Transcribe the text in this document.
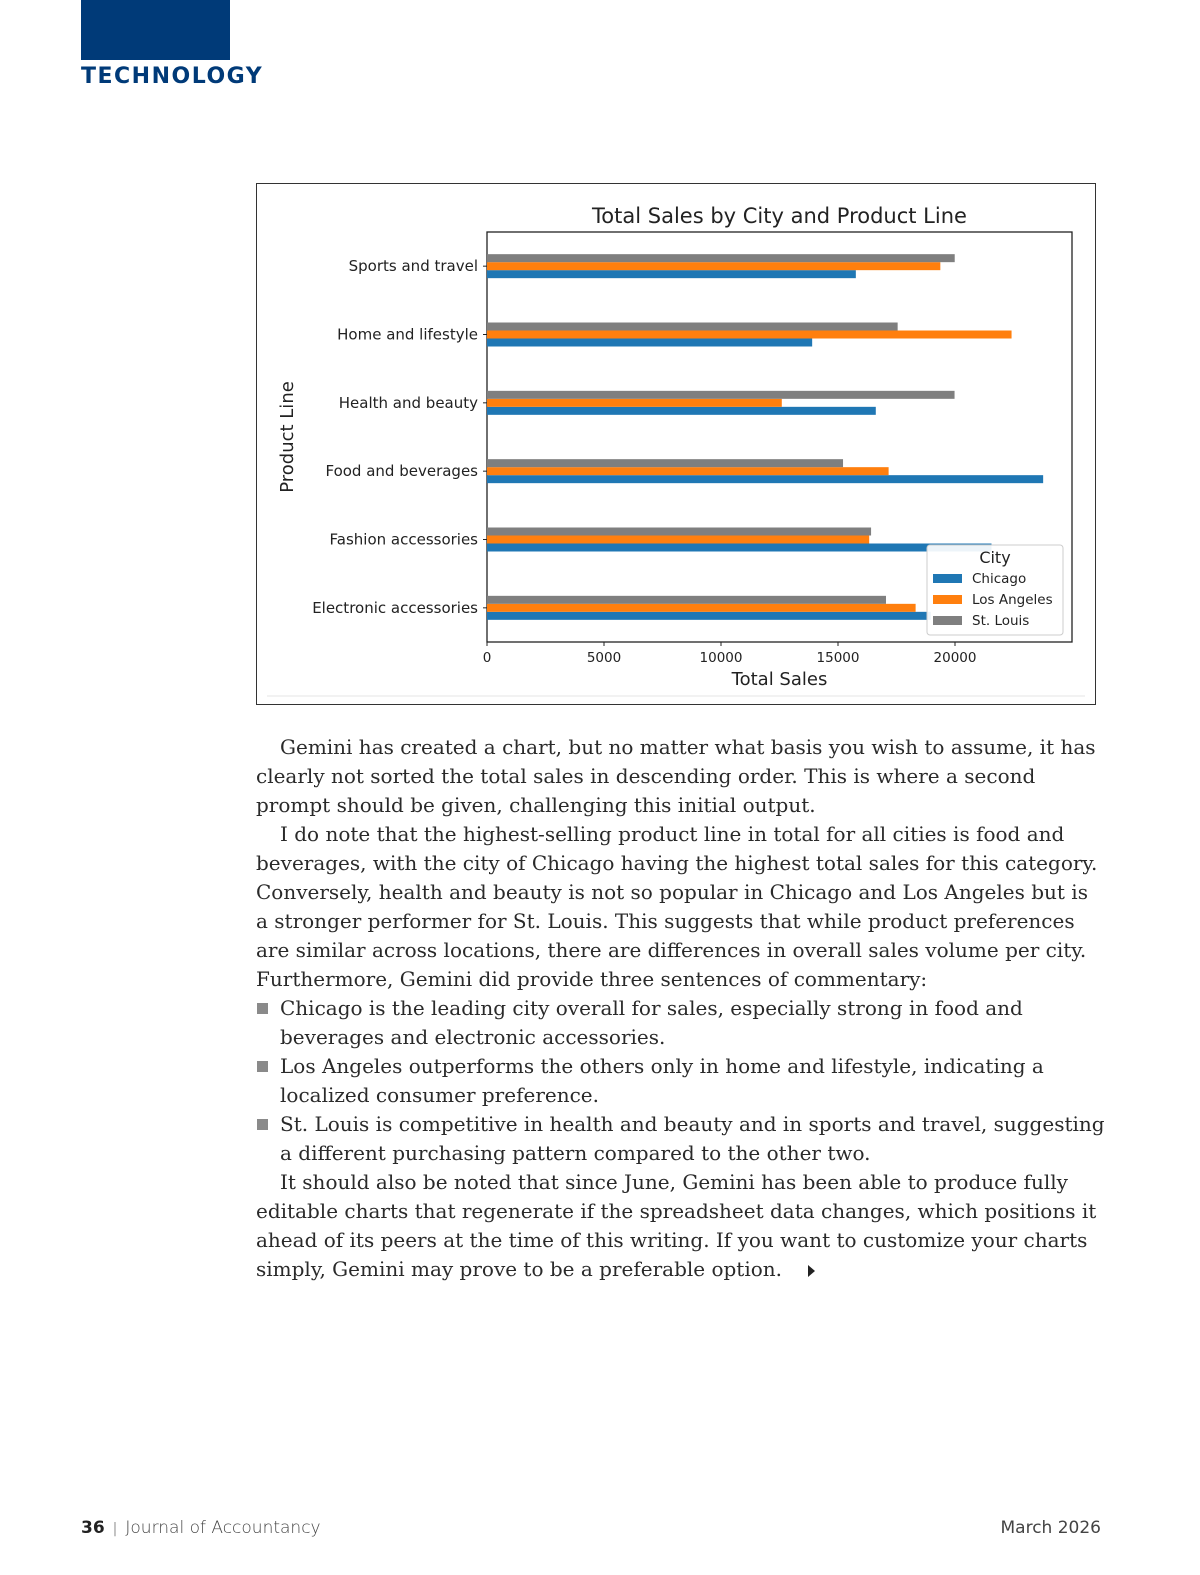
TECHNOLOGY
Total Sales by City and Product Line
Electronic accessories
Fashion accessories
Food and beverages
Health and beauty
Home and lifestyle
Sports and travel
0	5000	10000	15000	20000
Total Sales
Product Line
City
Chicago
Los Angeles
St. Louis

Gemini has created a chart, but no matter what basis you wish to assume, it has clearly not sorted the total sales in descending order. This is where a second prompt should be given, challenging this initial output.

I do note that the highest-selling product line in total for all cities is food and beverages, with the city of Chicago having the highest total sales for this category. Conversely, health and beauty is not so popular in Chicago and Los Angeles but is a stronger performer for St. Louis. This suggests that while product preferences are similar across locations, there are differences in overall sales volume per city. Furthermore, Gemini did provide three sentences of commentary:

Chicago is the leading city overall for sales, especially strong in food and beverages and electronic accessories.
Los Angeles outperforms the others only in home and lifestyle, indicating a localized consumer preference.
St. Louis is competitive in health and beauty and in sports and travel, suggesting a different purchasing pattern compared to the other two.

It should also be noted that since June, Gemini has been able to produce fully editable charts that regenerate if the spreadsheet data changes, which positions it ahead of its peers at the time of this writing. If you want to customize your charts simply, Gemini may prove to be a preferable option.

36 | Journal of Accountancy	March 2026
